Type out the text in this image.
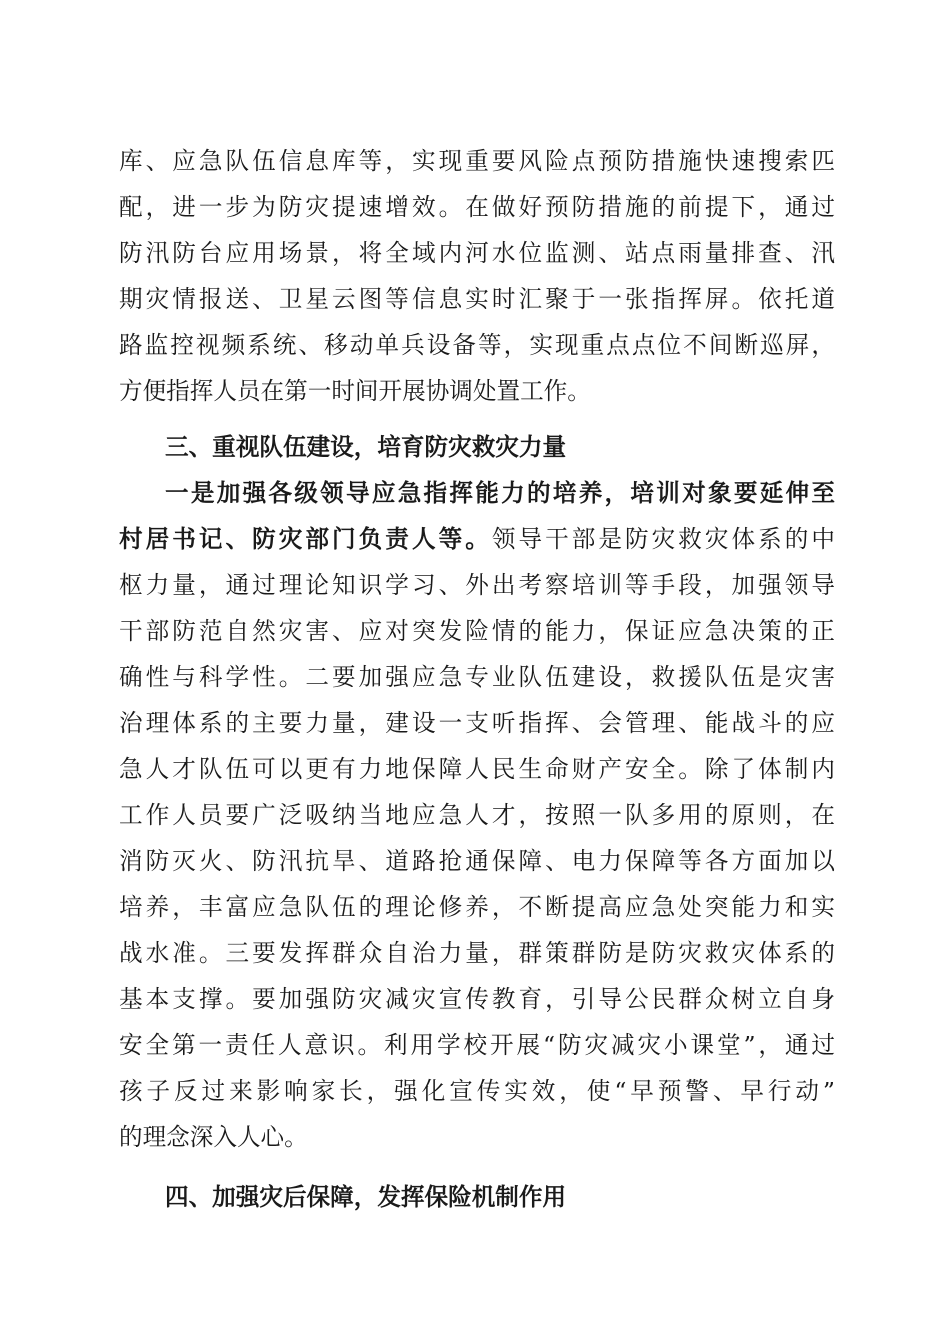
库、应急队伍信息库等，实现重要风险点预防措施快速搜索匹
配，进一步为防灾提速增效。在做好预防措施的前提下，通过
防汛防台应用场景，将全域内河水位监测、站点雨量排查、汛
期灾情报送、卫星云图等信息实时汇聚于一张指挥屏。依托道
路监控视频系统、移动单兵设备等，实现重点点位不间断巡屏，
方便指挥人员在第一时间开展协调处置工作。
三、重视队伍建设，培育防灾救灾力量
一是加强各级领导应急指挥能力的培养，培训对象要延伸至
村居书记、防灾部门负责人等。领导干部是防灾救灾体系的中
枢力量，通过理论知识学习、外出考察培训等手段，加强领导
干部防范自然灾害、应对突发险情的能力，保证应急决策的正
确性与科学性。二要加强应急专业队伍建设，救援队伍是灾害
治理体系的主要力量，建设一支听指挥、会管理、能战斗的应
急人才队伍可以更有力地保障人民生命财产安全。除了体制内
工作人员要广泛吸纳当地应急人才，按照一队多用的原则，在
消防灭火、防汛抗旱、道路抢通保障、电力保障等各方面加以
培养，丰富应急队伍的理论修养，不断提高应急处突能力和实
战水准。三要发挥群众自治力量，群策群防是防灾救灾体系的
基本支撑。要加强防灾减灾宣传教育，引导公民群众树立自身
安全第一责任人意识。利用学校开展“防灾减灾小课堂”，通过
孩子反过来影响家长，强化宣传实效，使“早预警、早行动”
的理念深入人心。
四、加强灾后保障，发挥保险机制作用
